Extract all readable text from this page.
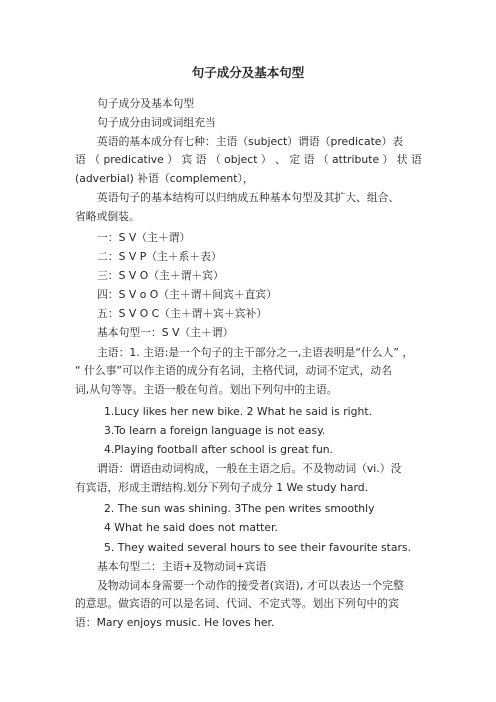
句子成分及基本句型
句子成分及基本句型
句子成分由词或词组充当
英语的基本成分有七种：主语（subject）谓语（predicate）表
语 （ predicative ） 宾 语 （ object ） 、 定 语 （ attribute ） 状 语
(adverbial) 补语（complement），
英语句子的基本结构可以归纳成五种基本句型及其扩大、组合、
省略或倒装。
一：S V（主＋谓）
二：S V P（主＋系＋表）
三：S V O（主＋谓＋宾）
四：S V o O（主＋谓＋间宾＋直宾）
五：S V O C（主＋谓＋宾＋宾补）
基本句型一：S V（主＋谓）
主语：1. 主语:是一个句子的主干部分之一,主语表明是“什么人” ，
“ 什么事”可以作主语的成分有名词，主格代词，动词不定式，动名
词,从句等等。主语一般在句首。划出下列句中的主语。
1.Lucy likes her new bike. 2 What he said is right.
3.To learn a foreign language is not easy.
4.Playing football after school is great fun.
谓语：谓语由动词构成，一般在主语之后。不及物动词（vi.）没
有宾语，形成主谓结构.划分下列句子成分 1 We study hard.
2. The sun was shining. 3The pen writes smoothly
4 What he said does not matter.
5. They waited several hours to see their favourite stars.
基本句型二：主语+及物动词+宾语
及物动词本身需要一个动作的接受者(宾语), 才可以表达一个完整
的意思。做宾语的可以是名词、代词、不定式等。划出下列句中的宾
语：Mary enjoys music. He loves her.
